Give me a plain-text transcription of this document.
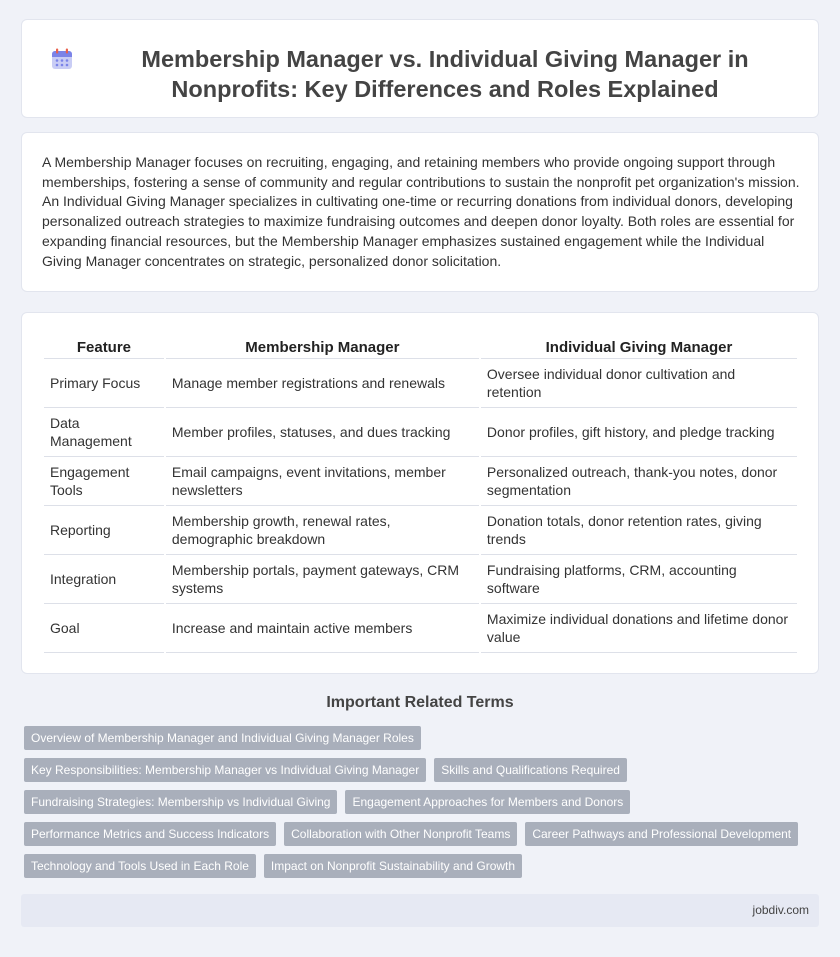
Membership Manager vs. Individual Giving Manager in Nonprofits: Key Differences and Roles Explained

A Membership Manager focuses on recruiting, engaging, and retaining members who provide ongoing support through memberships, fostering a sense of community and regular contributions to sustain the nonprofit pet organization's mission. An Individual Giving Manager specializes in cultivating one-time or recurring donations from individual donors, developing personalized outreach strategies to maximize fundraising outcomes and deepen donor loyalty. Both roles are essential for expanding financial resources, but the Membership Manager emphasizes sustained engagement while the Individual Giving Manager concentrates on strategic, personalized donor solicitation.

Feature	Membership Manager	Individual Giving Manager
Primary Focus	Manage member registrations and renewals	Oversee individual donor cultivation and retention
Data Management	Member profiles, statuses, and dues tracking	Donor profiles, gift history, and pledge tracking
Engagement Tools	Email campaigns, event invitations, member newsletters	Personalized outreach, thank-you notes, donor segmentation
Reporting	Membership growth, renewal rates, demographic breakdown	Donation totals, donor retention rates, giving trends
Integration	Membership portals, payment gateways, CRM systems	Fundraising platforms, CRM, accounting software
Goal	Increase and maintain active members	Maximize individual donations and lifetime donor value
Important Related Terms
Overview of Membership Manager and Individual Giving Manager Roles
Key Responsibilities: Membership Manager vs Individual Giving Manager	Skills and Qualifications Required
Fundraising Strategies: Membership vs Individual Giving	Engagement Approaches for Members and Donors
Performance Metrics and Success Indicators	Collaboration with Other Nonprofit Teams	Career Pathways and Professional Development
Technology and Tools Used in Each Role	Impact on Nonprofit Sustainability and Growth
jobdiv.com
